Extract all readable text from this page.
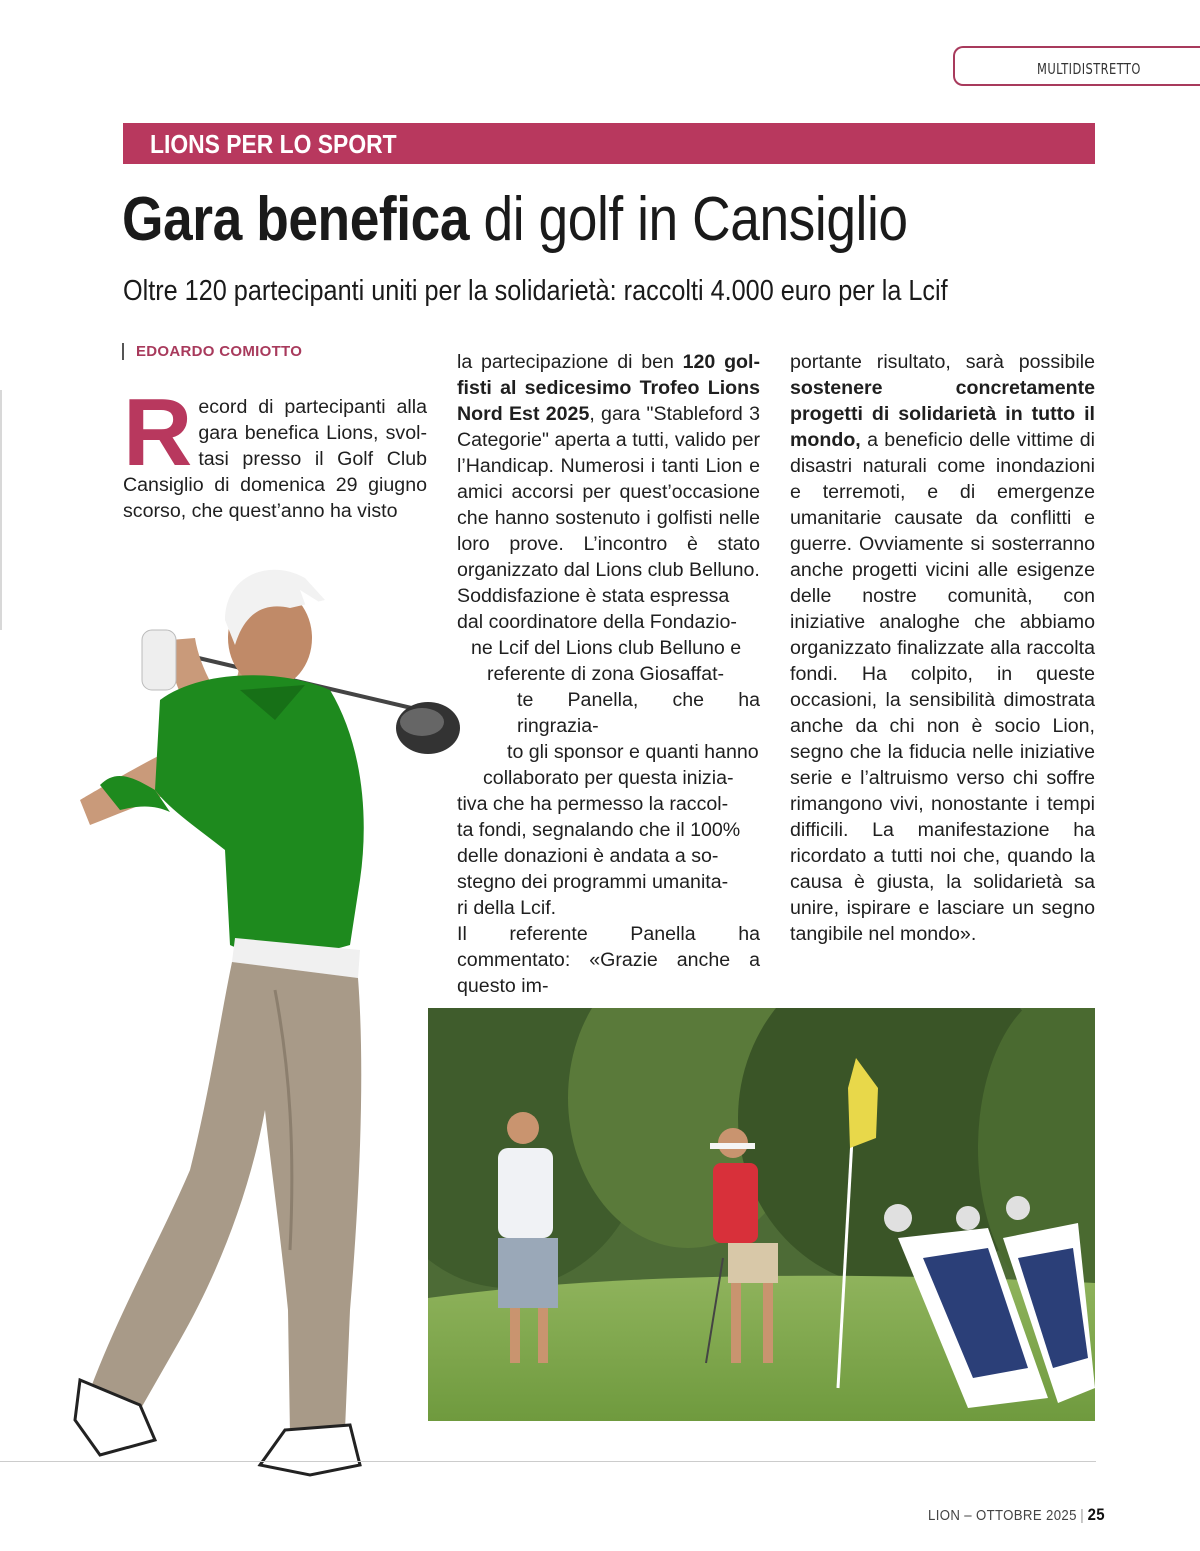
MULTIDISTRETTO
LIONS PER LO SPORT
Gara benefica di golf in Cansiglio
Oltre 120 partecipanti uniti per la solidarietà: raccolti 4.000 euro per la Lcif
EDOARDO COMIOTTO
R ecord di partecipanti alla gara benefica Lions, svol- tasi presso il Golf Club Cansiglio di domenica 29 giugno scorso, che quest’anno ha visto

la partecipazione di ben 120 gol-fisti al sedicesimo Trofeo Lions Nord Est 2025, gara "Stableford 3 Categorie" aperta a tutti, valido per l’Handicap. Numerosi i tanti Lion e amici accorsi per quest’occasione che hanno sostenuto i golfisti nelle loro prove. L’incontro è stato organizzato dal Lions club Belluno.

Soddisfazione è stata espressa
dal coordinatore della Fondazio-
ne Lcif del Lions club Belluno e
referente di zona Giosaffat-
te Panella, che ha ringrazia-
to gli sponsor e quanti hanno
collaborato per questa inizia-
tiva che ha permesso la raccol-
ta fondi, segnalando che il 100%
delle donazioni è andata a so-
stegno dei programmi umanita-
ri della Lcif.

Il referente Panella ha commentato: «Grazie anche a questo im-

portante risultato, sarà possibile sostenere concretamente progetti di solidarietà in tutto il mondo, a beneficio delle vittime di disastri naturali come inondazioni e terremoti, e di emergenze umanitarie causate da conflitti e guerre. Ovviamente si sosterranno anche progetti vicini alle esigenze delle nostre comunità, con iniziative analoghe che abbiamo organizzato finalizzate alla raccolta fondi. Ha colpito, in queste occasioni, la sensibilità dimostrata anche da chi non è socio Lion, segno che la fiducia nelle iniziative serie e l’altruismo verso chi soffre rimangono vivi, nonostante i tempi difficili. La manifestazione ha ricordato a tutti noi che, quando la causa è giusta, la solidarietà sa unire, ispirare e lasciare un segno tangibile nel mondo».

LION – OTTOBRE 2025 | 25
